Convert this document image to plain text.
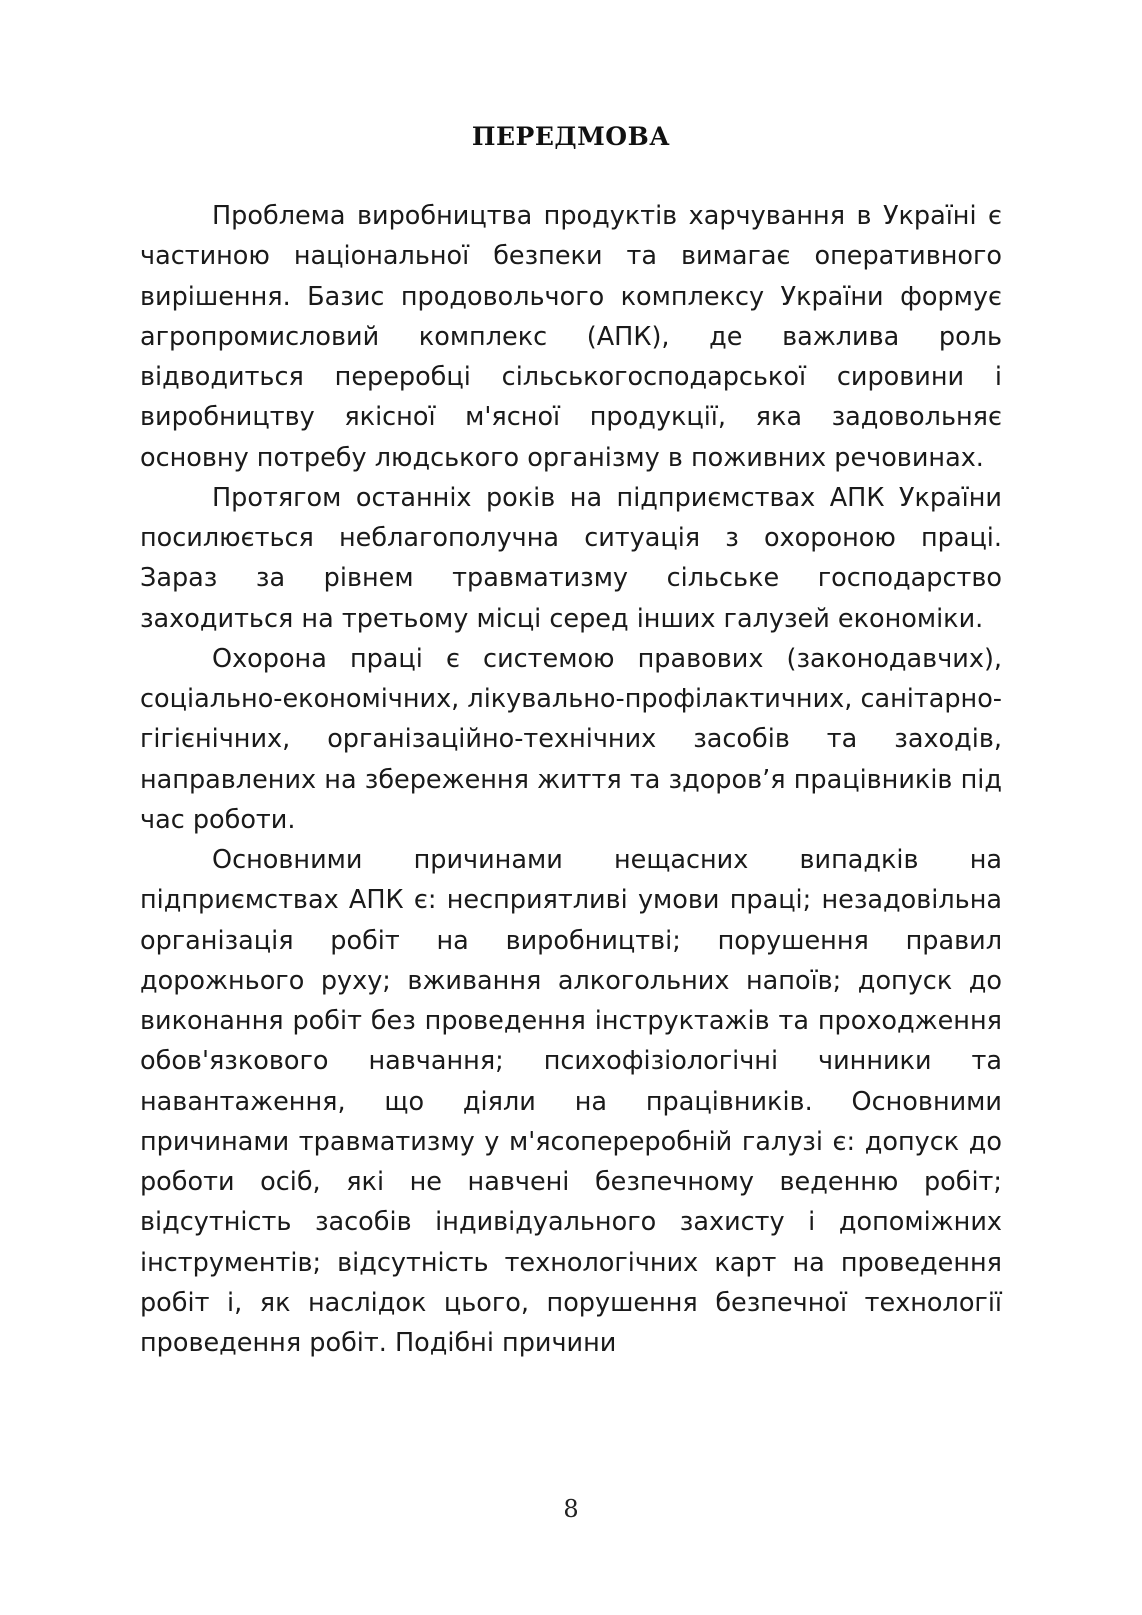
ПЕРЕДМОВА

Проблема виробництва продуктів харчування в Україні є частиною національної безпеки та вимагає оперативного вирішення. Базис продовольчого комплексу України формує агропромисловий комплекс (АПК), де важлива роль відводиться переробці сільськогосподарської сировини і виробництву якісної м'ясної продукції, яка задовольняє основну потребу людського організму в поживних речовинах.

Протягом останніх років на підприємствах АПК України посилюється неблагополучна ситуація з охороною праці. Зараз за рівнем травматизму сільське господарство заходиться на третьому місці серед інших галузей економіки.

Охорона праці є системою правових (законодавчих), соціально-економічних, лікувально-профілактичних, санітарно-гігієнічних, організаційно-технічних засобів та заходів, направлених на збереження життя та здоров’я працівників під час роботи.

Основними причинами нещасних випадків на підприємствах АПК є: несприятливі умови праці; незадовільна організація робіт на виробництві; порушення правил дорожнього руху; вживання алкогольних напоїв; допуск до виконання робіт без проведення інструктажів та проходження обов'язкового навчання; психофізіологічні чинники та навантаження, що діяли на працівників. Основними причинами травматизму у м'ясопереробній галузі є: допуск до роботи осіб, які не навчені безпечному веденню робіт; відсутність засобів індивідуального захисту і допоміжних інструментів; відсутність технологічних карт на проведення робіт і, як наслідок цього, порушення безпечної технології проведення робіт. Подібні причини

8
